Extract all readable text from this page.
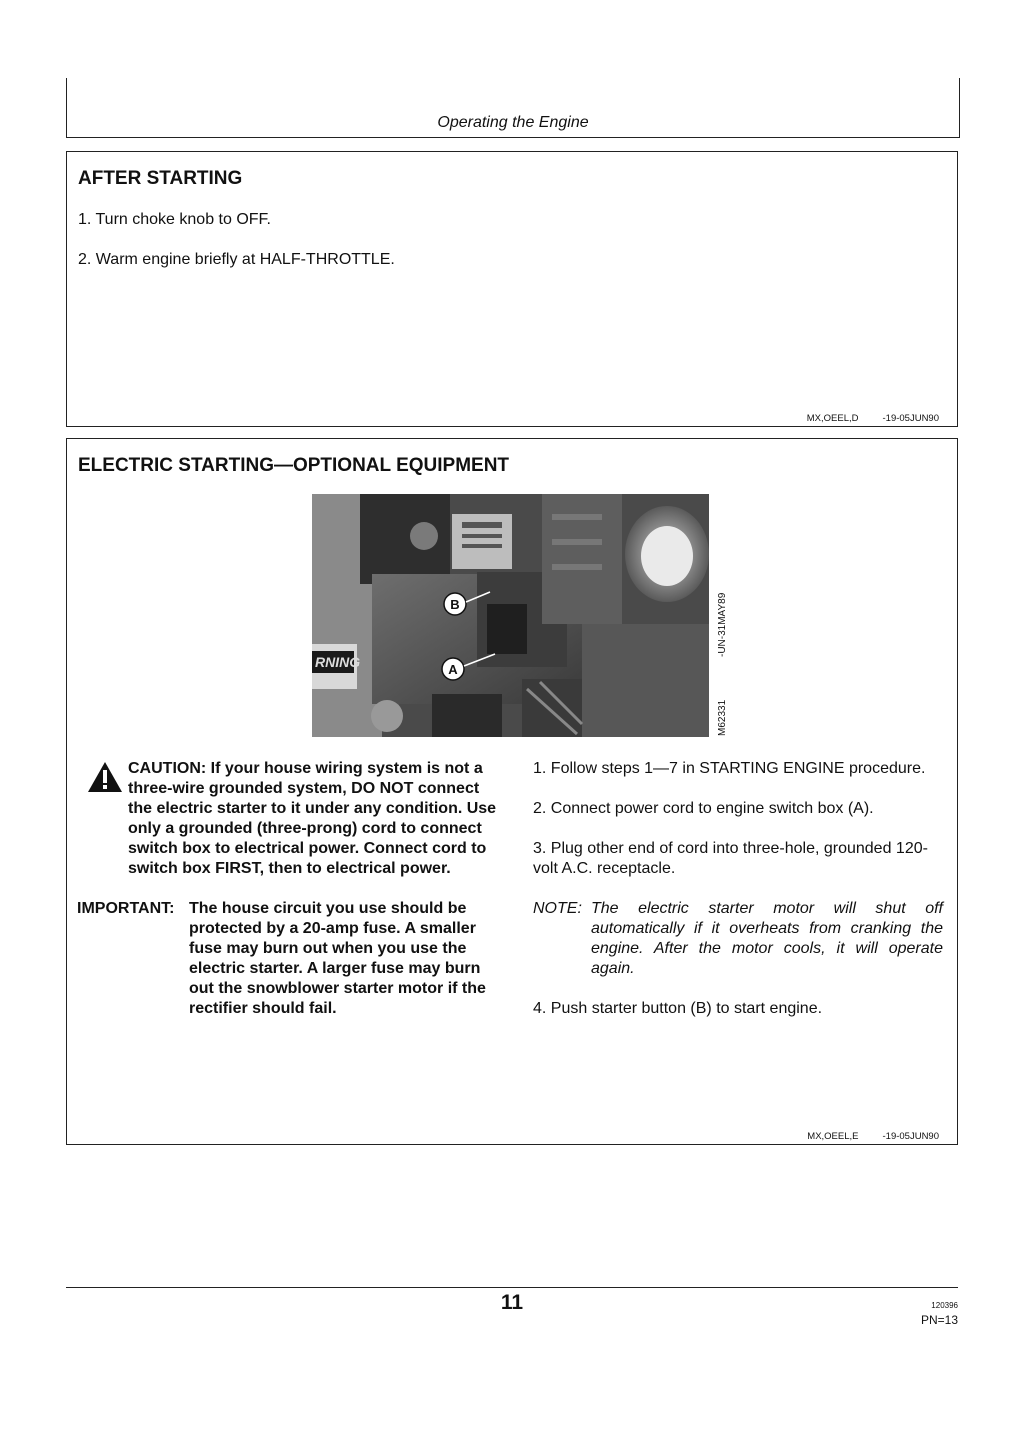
Operating the Engine
AFTER STARTING
1. Turn choke knob to OFF.
2. Warm engine briefly at HALF-THROTTLE.
MX,OEEL,D	-19-05JUN90
ELECTRIC STARTING—OPTIONAL EQUIPMENT
RNING
B
A
-UN-31MAY89
M62331
CAUTION: If your house wiring system is not a three-wire grounded system, DO NOT connect the electric starter to it under any condition. Use only a grounded (three-prong) cord to connect switch box to electrical power. Connect cord to switch box FIRST, then to electrical power.
IMPORTANT: The house circuit you use should be protected by a 20-amp fuse. A smaller fuse may burn out when you use the electric starter. A larger fuse may burn out the snowblower starter motor if the rectifier should fail.

1. Follow steps 1—7 in STARTING ENGINE procedure.

2. Connect power cord to engine switch box (A).

3. Plug other end of cord into three-hole, grounded 120-volt A.C. receptacle.

NOTE: The electric starter motor will shut off automatically if it overheats from cranking the engine. After the motor cools, it will operate again.

4. Push starter button (B) to start engine.

MX,OEEL,E	-19-05JUN90
11	120396
PN=13
